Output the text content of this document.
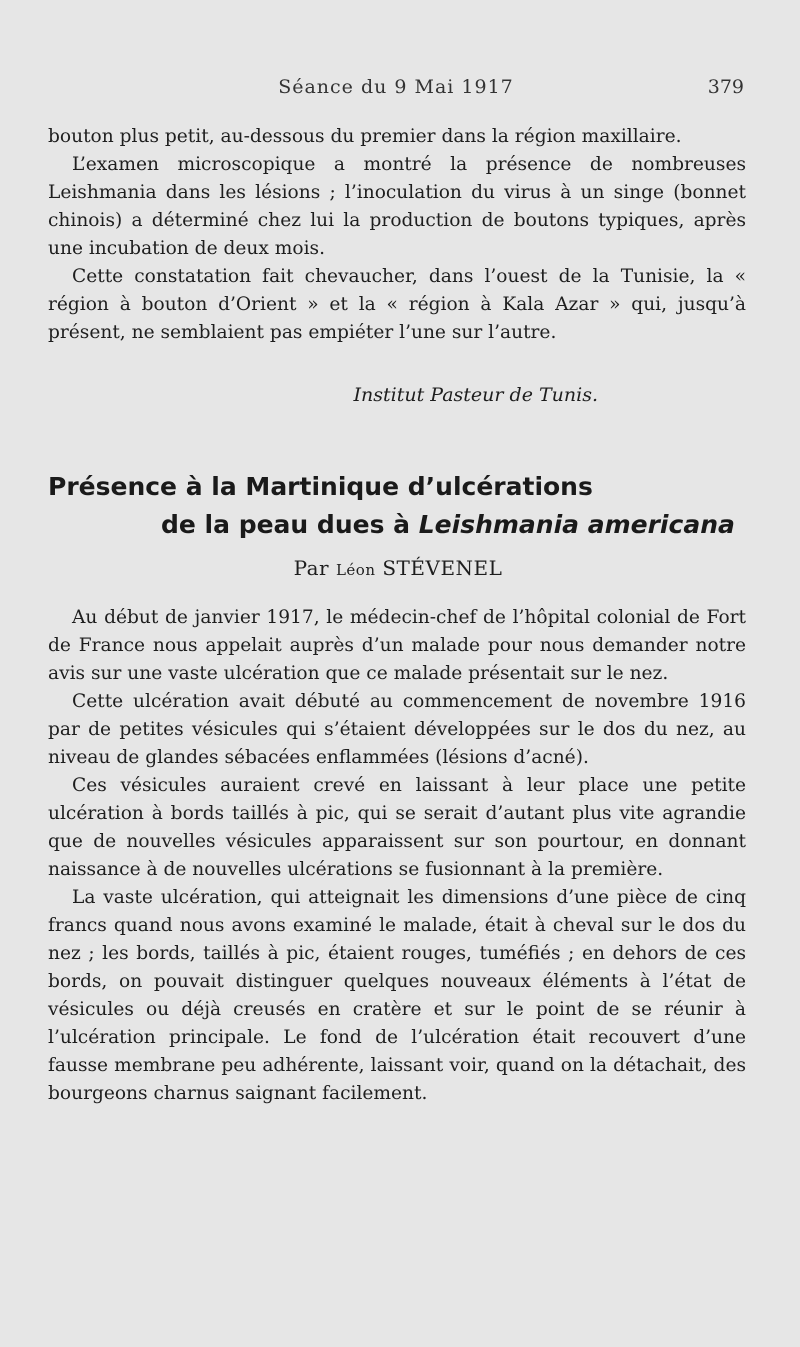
Séance du 9 Mai 1917	379

bouton plus petit, au-dessous du premier dans la région maxillaire.

L’examen microscopique a montré la présence de nombreuses Leishmania dans les lésions ; l’inoculation du virus à un singe (bonnet chinois) a déterminé chez lui la production de boutons typiques, après une incubation de deux mois.

Cette constatation fait chevaucher, dans l’ouest de la Tunisie, la « région à bouton d’Orient » et la « région à Kala Azar » qui, jusqu’à présent, ne semblaient pas empiéter l’une sur l’autre.

Institut Pasteur de Tunis.
Présence à la Martinique d’ulcérations
de la peau dues à Leishmania americana
Par Léon STÉVENEL

Au début de janvier 1917, le médecin-chef de l’hôpital colonial de Fort de France nous appelait auprès d’un malade pour nous demander notre avis sur une vaste ulcération que ce malade présentait sur le nez.

Cette ulcération avait débuté au commencement de novembre 1916 par de petites vésicules qui s’étaient développées sur le dos du nez, au niveau de glandes sébacées enflammées (lésions d’acné).

Ces vésicules auraient crevé en laissant à leur place une petite ulcération à bords taillés à pic, qui se serait d’autant plus vite agrandie que de nouvelles vésicules apparaissent sur son pourtour, en donnant naissance à de nouvelles ulcérations se fusionnant à la première.

La vaste ulcération, qui atteignait les dimensions d’une pièce de cinq francs quand nous avons examiné le malade, était à cheval sur le dos du nez ; les bords, taillés à pic, étaient rouges, tuméfiés ; en dehors de ces bords, on pouvait distinguer quelques nouveaux éléments à l’état de vésicules ou déjà creusés en cratère et sur le point de se réunir à l’ulcération principale. Le fond de l’ulcération était recouvert d’une fausse membrane peu adhérente, laissant voir, quand on la détachait, des bourgeons charnus saignant facilement.
